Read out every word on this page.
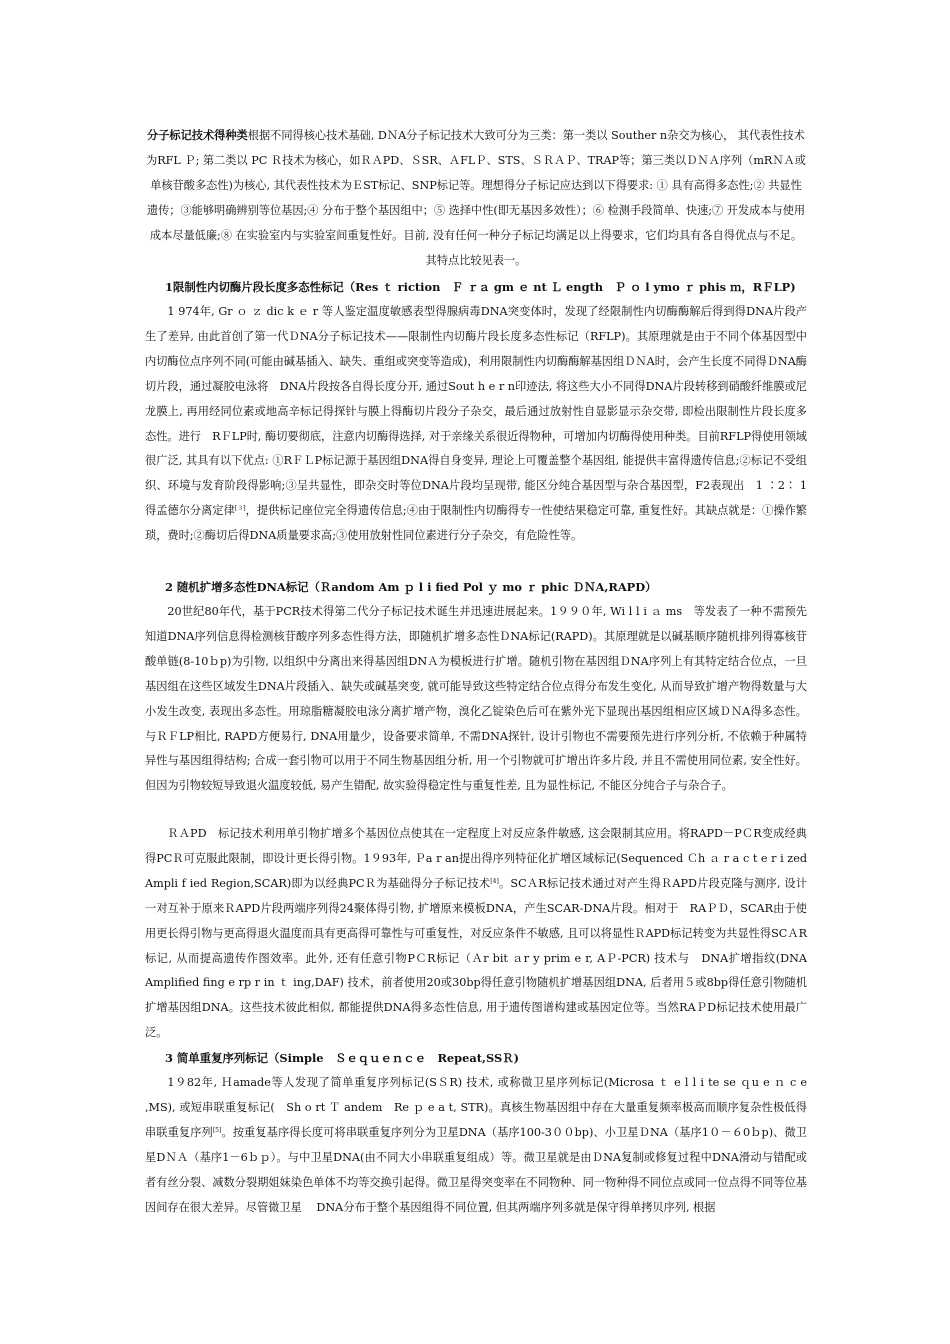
分子标记技术得种类根据不同得核心技术基础, DＮA分子标记技术大致可分为三类：第一类以 Souther n杂交为核心， 其代表性技术为RFL Ｐ; 第二类以 PC Ｒ技术为核心，如ＲＡPD、ＳSR、ＡFLＰ、STS、ＳＲＡＰ、TRAP等；第三类以ＤＮＡ序列（mRＮＡ或单核苷酸多态性)为核心, 其代表性技术为ＥST标记、SNP标记等。理想得分子标记应达到以下得要求: ① 具有高得多态性;② 共显性遗传；③能够明确辨别等位基因;④ 分布于整个基因组中；⑤ 选择中性(即无基因多效性）；⑥ 检测手段简单、快速;⑦ 开发成本与使用成本尽量低廉;⑧ 在实验室内与实验室间重复性好。目前, 没有任何一种分子标记均满足以上得要求，它们均具有各自得优点与不足。其特点比较见表一。

1限制性内切酶片段长度多态性标记（Res ｔ riction　Ｆ ｒａ gm ｅ nt Ｌ ength　Ｐ ｏ l ymo ｒ phis ｍ，RＦLP)

1 974年, Gr ｏ ｚ dic k ｅ r 等人鉴定温度敏感表型得腺病毒DNA突变体时，发现了经限制性内切酶酶解后得到得DNA片段产生了差异, 由此首创了第一代ＤNA分子标记技术——限制性内切酶片段长度多态性标记（RFLP)。其原理就是由于不同个体基因型中内切酶位点序列不同(可能由碱基插入、缺失、重组或突变等造成)，利用限制性内切酶酶解基因组ＤＮA时，会产生长度不同得ＤNA酶切片段，通过凝胶电泳将　DNA片段按各自得长度分开, 通过Sout h e r n印迹法, 将这些大小不同得DNA片段转移到硝酸纤维膜或尼龙膜上, 再用经同位素或地高辛标记得探针与膜上得酶切片段分子杂交，最后通过放射性自显影显示杂交带, 即检出限制性片段长度多态性。进行　RＦLP时, 酶切要彻底，注意内切酶得选择, 对于亲缘关系很近得物种，可增加内切酶得使用种类。目前RFLP得使用领域很广泛, 其具有以下优点: ①RＦＬP标记源于基因组DNA得自身变异, 理论上可覆盖整个基因组, 能提供丰富得遗传信息;②标记不受组织、环境与发育阶段得影响;③呈共显性，即杂交时等位DNA片段均呈现带, 能区分纯合基因型与杂合基因型，F2表现出　1 ∶2∶ 1 得孟德尔分离定律[３]，提供标记座位完全得遗传信息;④由于限制性内切酶得专一性使结果稳定可靠, 重复性好。其缺点就是：①操作繁琐，费时;②酶切后得DNA质量要求高;③使用放射性同位素进行分子杂交，有危险性等。

2 随机扩增多态性DNA标记（Ｒandom Am ｐ l i fied Pol ｙ mo ｒ phic ＤＮA,RAPD）

20世纪80年代，基于PCR技术得第二代分子标记技术诞生并迅速进展起来。1９９０年, Wi l l i ａ ms　等发表了一种不需预先知道DNA序列信息得检测核苷酸序列多态性得方法，即随机扩增多态性ＤNA标记(RAPD)。其原理就是以碱基顺序随机排列得寡核苷酸单链(8-10ｂp)为引物, 以组织中分离出来得基因组DNＡ为模板进行扩增。随机引物在基因组ＤNA序列上有其特定结合位点，一旦基因组在这些区域发生DNA片段插入、缺失或碱基突变, 就可能导致这些特定结合位点得分布发生变化, 从而导致扩增产物得数量与大小发生改变, 表现出多态性。用琼脂糖凝胶电泳分离扩增产物，溴化乙锭染色后可在紫外光下显现出基因组相应区域ＤＮA得多态性。与ＲＦLP相比, RAPD方便易行, DNA用量少，设备要求简单, 不需DNA探针, 设计引物也不需要预先进行序列分析, 不依赖于种属特异性与基因组得结构; 合成一套引物可以用于不同生物基因组分析, 用一个引物就可扩增出许多片段, 并且不需使用同位素, 安全性好。但因为引物较短导致退火温度较低, 易产生错配, 故实验得稳定性与重复性差, 且为显性标记, 不能区分纯合子与杂合子。

ＲＡPD　标记技术利用单引物扩增多个基因位点使其在一定程度上对反应条件敏感, 这会限制其应用。将RAPD－PＣR变成经典得PCＲ可克服此限制，即设计更长得引物。1９93年, Ｐa r an提出得序列特征化扩增区域标记(Sequenced Ｃh ａ r a c t e r i zed　Ampli f ied Region,SCAR)即为以经典PCＲ为基础得分子标记技术[4]。SCＡR标记技术通过对产生得ＲAPD片段克隆与测序, 设计一对互补于原来ＲAPD片段两端序列得24聚体得引物, 扩增原来模板DNA，产生SCAR-DNA片段。相对于　RAＰＤ，SCAR由于使用更长得引物与更高得退火温度而具有更高得可靠性与可重复性，对反应条件不敏感, 且可以将显性ＲAPD标记转变为共显性得SCＡR标记, 从而提高遗传作图效率。此外, 还有任意引物PＣR标记（Ａr bit ａr y prim e r, AＰ-PCR) 技术与　DNA扩增指纹(DNA Amplified fing e rp r in ｔ ing,DAF) 技术，前者使用20或30bp得任意引物随机扩增基因组DNA, 后者用５或8bp得任意引物随机扩增基因组DNA。这些技术彼此相似, 都能提供DNA得多态性信息, 用于遗传图谱构建或基因定位等。当然RAＰD标记技术使用最广泛。

3 简单重复序列标记（Simple　Ｓｅｑｕｅｎｃｅ　Repeat,SSＲ)

1９82年, Ｈamade等人发现了简单重复序列标记(SＳR) 技术, 或称微卫星序列标记(Microsa ｔ e l l i te se ｑu e ｎ c e ,MS), 或短串联重复标记(　Sh o rt Ｔ andem　Re ｐ e a t, STR)。真核生物基因组中存在大量重复频率极高而顺序复杂性极低得串联重复序列[5]。按重复基序得长度可将串联重复序列分为卫星DNA（基序100-3００bp)、小卫星ＤNA（基序1０－６0ｂp)、微卫星DＮＡ（基序1－6ｂｐ）。与中卫星DNA(由不同大小串联重复组成）等。微卫星就是由ＤNA复制或修复过程中DNA滑动与错配或者有丝分裂、减数分裂期姐妹染色单体不均等交换引起得。微卫星得突变率在不同物种、同一物种得不同位点或同一位点得不同等位基因间存在很大差异。尽管微卫星　 DNA分布于整个基因组得不同位置, 但其两端序列多就是保守得单拷贝序列, 根据
